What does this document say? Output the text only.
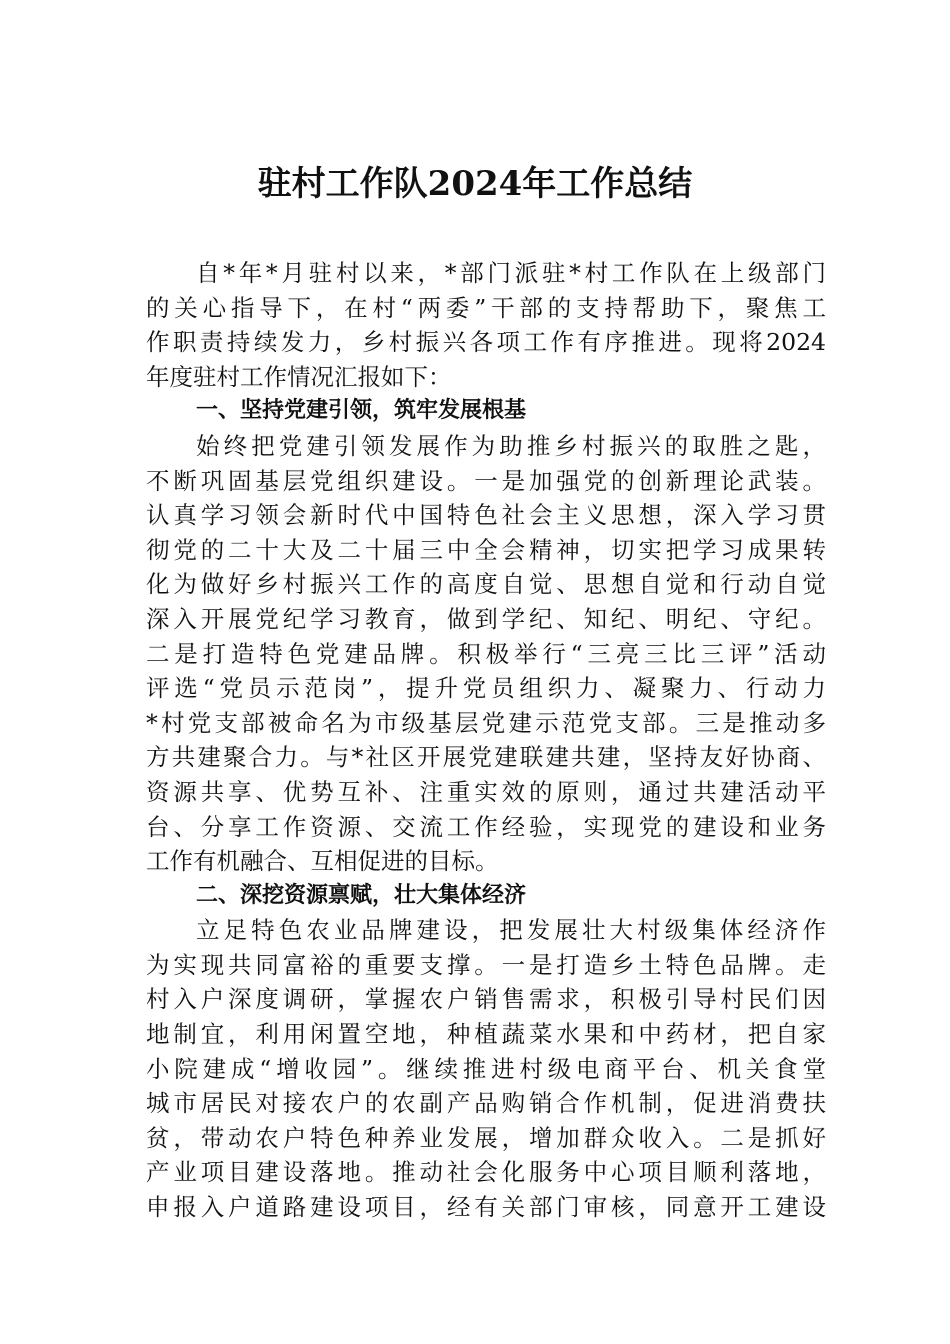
驻村工作队2024年工作总结
自*年*月驻村以来，*部门派驻*村工作队在上级部门
的关心指导下，在村“两委”干部的支持帮助下，聚焦工
作职责持续发力，乡村振兴各项工作有序推进。现将2024
年度驻村工作情况汇报如下：
一、坚持党建引领，筑牢发展根基
始终把党建引领发展作为助推乡村振兴的取胜之匙，
不断巩固基层党组织建设。一是加强党的创新理论武装。
认真学习领会新时代中国特色社会主义思想，深入学习贯
彻党的二十大及二十届三中全会精神，切实把学习成果转
化为做好乡村振兴工作的高度自觉、思想自觉和行动自觉
深入开展党纪学习教育，做到学纪、知纪、明纪、守纪。
二是打造特色党建品牌。积极举行“三亮三比三评”活动
评选“党员示范岗”，提升党员组织力、凝聚力、行动力
*村党支部被命名为市级基层党建示范党支部。三是推动多
方共建聚合力。与*社区开展党建联建共建，坚持友好协商、
资源共享、优势互补、注重实效的原则，通过共建活动平
台、分享工作资源、交流工作经验，实现党的建设和业务
工作有机融合、互相促进的目标。
二、深挖资源禀赋，壮大集体经济
立足特色农业品牌建设，把发展壮大村级集体经济作
为实现共同富裕的重要支撑。一是打造乡土特色品牌。走
村入户深度调研，掌握农户销售需求，积极引导村民们因
地制宜，利用闲置空地，种植蔬菜水果和中药材，把自家
小院建成“增收园”。继续推进村级电商平台、机关食堂
城市居民对接农户的农副产品购销合作机制，促进消费扶
贫，带动农户特色种养业发展，增加群众收入。二是抓好
产业项目建设落地。推动社会化服务中心项目顺利落地，
申报入户道路建设项目，经有关部门审核，同意开工建设
